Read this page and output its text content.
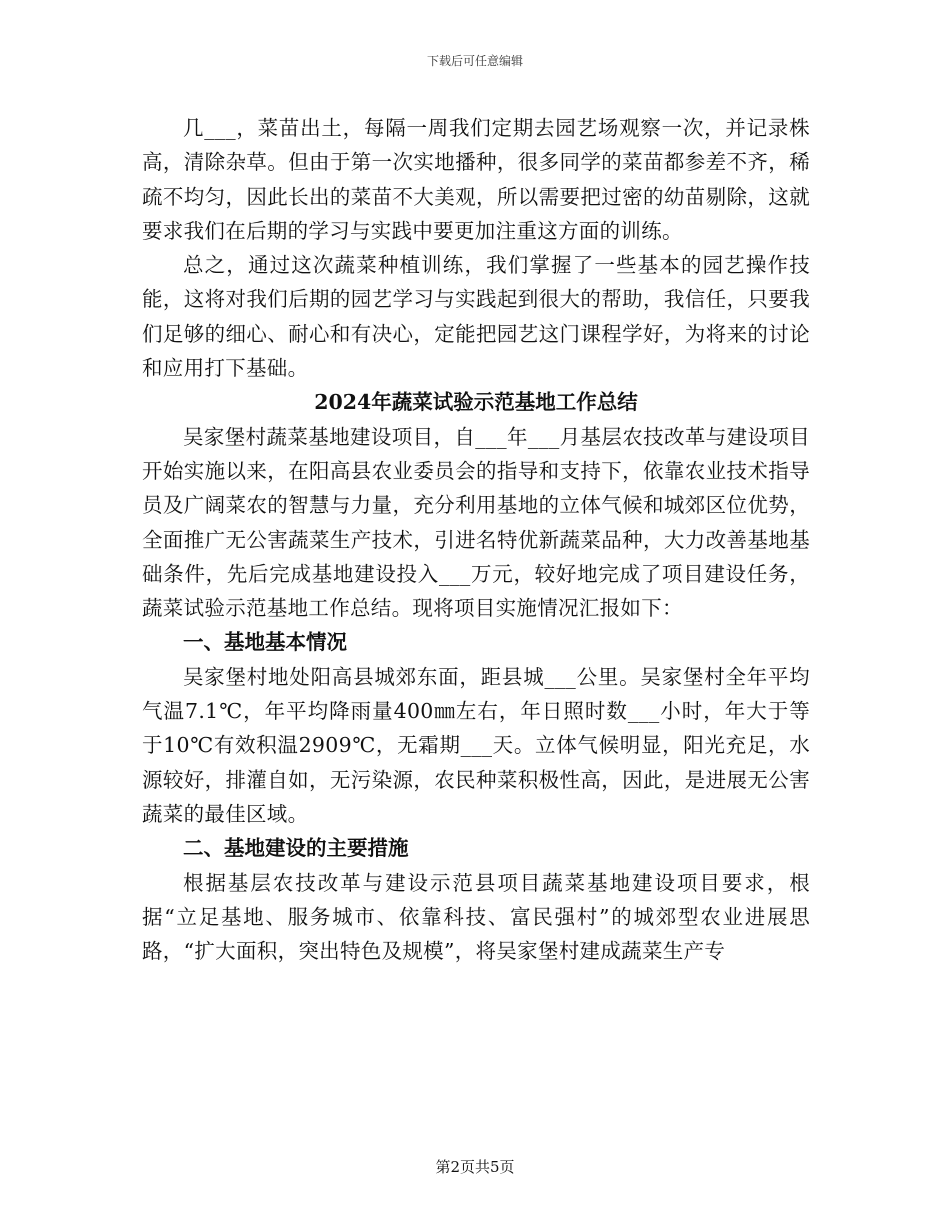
下载后可任意编辑

几___，菜苗出土，每隔一周我们定期去园艺场观察一次，并记录株高，清除杂草。但由于第一次实地播种，很多同学的菜苗都参差不齐，稀疏不均匀，因此长出的菜苗不大美观，所以需要把过密的幼苗剔除，这就要求我们在后期的学习与实践中要更加注重这方面的训练。

总之，通过这次蔬菜种植训练，我们掌握了一些基本的园艺操作技能，这将对我们后期的园艺学习与实践起到很大的帮助，我信任，只要我们足够的细心、耐心和有决心，定能把园艺这门课程学好，为将来的讨论和应用打下基础。

2024年蔬菜试验示范基地工作总结

吴家堡村蔬菜基地建设项目，自___年___月基层农技改革与建设项目开始实施以来，在阳高县农业委员会的指导和支持下，依靠农业技术指导员及广阔菜农的智慧与力量，充分利用基地的立体气候和城郊区位优势，全面推广无公害蔬菜生产技术，引进名特优新蔬菜品种，大力改善基地基础条件，先后完成基地建设投入___万元，较好地完成了项目建设任务，蔬菜试验示范基地工作总结。现将项目实施情况汇报如下：

一、基地基本情况

吴家堡村地处阳高县城郊东面，距县城___公里。吴家堡村全年平均气温7.1℃，年平均降雨量400㎜左右，年日照时数___小时，年大于等于10℃有效积温2909℃，无霜期___天。立体气候明显，阳光充足，水源较好，排灌自如，无污染源，农民种菜积极性高，因此，是进展无公害蔬菜的最佳区域。

二、基地建设的主要措施

根据基层农技改革与建设示范县项目蔬菜基地建设项目要求，根据“立足基地、服务城市、依靠科技、富民强村”的城郊型农业进展思路，“扩大面积，突出特色及规模”，将吴家堡村建成蔬菜生产专

第2页共5页
